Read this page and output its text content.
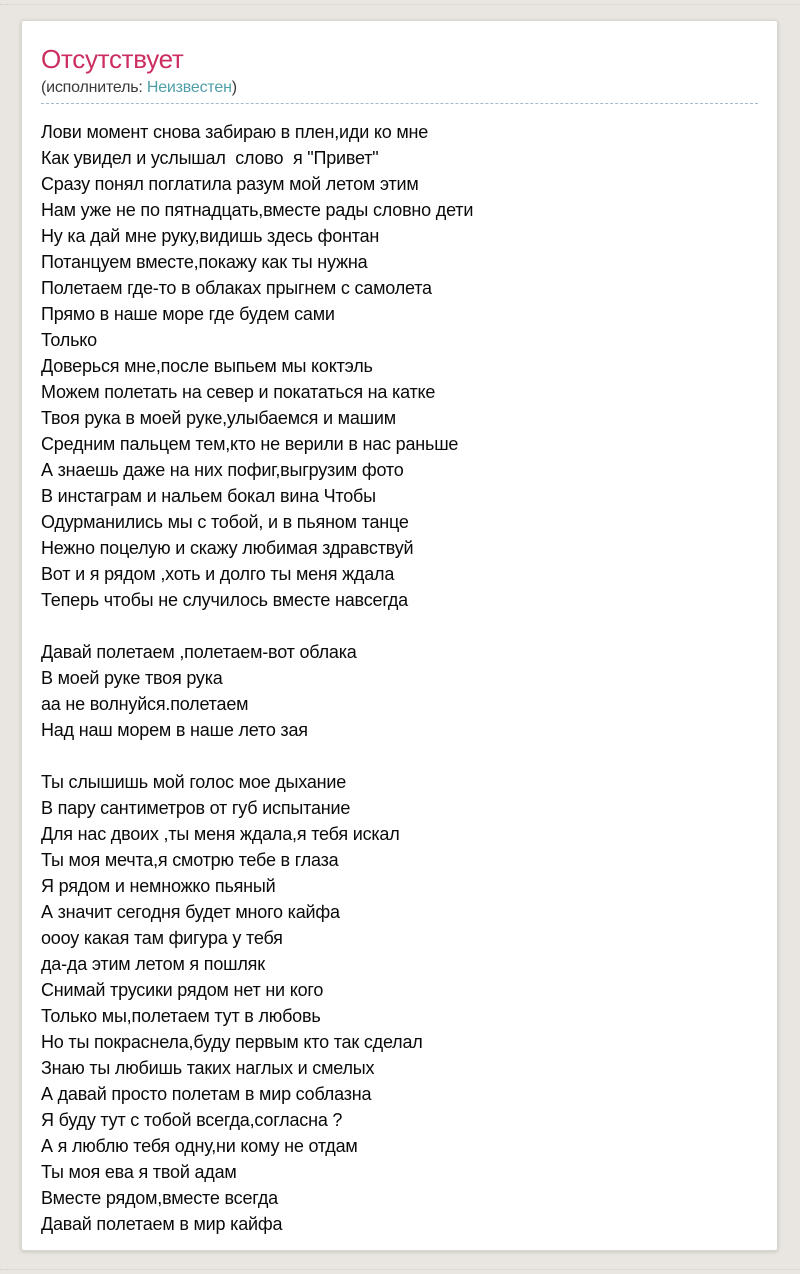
Отсутствует
(исполнитель: Неизвестен)
Лови момент снова забираю в плен,иди ко мне
Как увидел и услышал  слово  я "Привет"
Сразу понял поглатила разум мой летом этим
Нам уже не по пятнадцать,вместе рады словно дети
Ну ка дай мне руку,видишь здесь фонтан
Потанцуем вместе,покажу как ты нужна
Полетаем где-то в облаках прыгнем с самолета
Прямо в наше море где будем сами
Только
Доверься мне,после выпьем мы коктэль
Можем полетать на север и покататься на катке
Твоя рука в моей руке,улыбаемся и машим
Средним пальцем тем,кто не верили в нас раньше
А знаешь даже на них пофиг,выгрузим фото
В инстаграм и нальем бокал вина Чтобы
Одурманились мы с тобой, и в пьяном танце
Нежно поцелую и скажу любимая здравствуй
Вот и я рядом ,хоть и долго ты меня ждала
Теперь чтобы не случилось вместе навсегда
Давай полетаем ,полетаем-вот облака
В моей руке твоя рука
аа не волнуйся.полетаем
Над наш морем в наше лето зая
Ты слышишь мой голос мое дыхание
В пару сантиметров от губ испытание
Для нас двоих ,ты меня ждала,я тебя искал
Ты моя мечта,я смотрю тебе в глаза
Я рядом и немножко пьяный
А значит сегодня будет много кайфа
оооу какая там фигура у тебя
да-да этим летом я пошляк
Снимай трусики рядом нет ни кого
Только мы,полетаем тут в любовь
Но ты покраснела,буду первым кто так сделал
Знаю ты любишь таких наглых и смелых
А давай просто полетам в мир соблазна
Я буду тут с тобой всегда,согласна ?
А я люблю тебя одну,ни кому не отдам
Ты моя ева я твой адам
Вместе рядом,вместе всегда
Давай полетаем в мир кайфа
